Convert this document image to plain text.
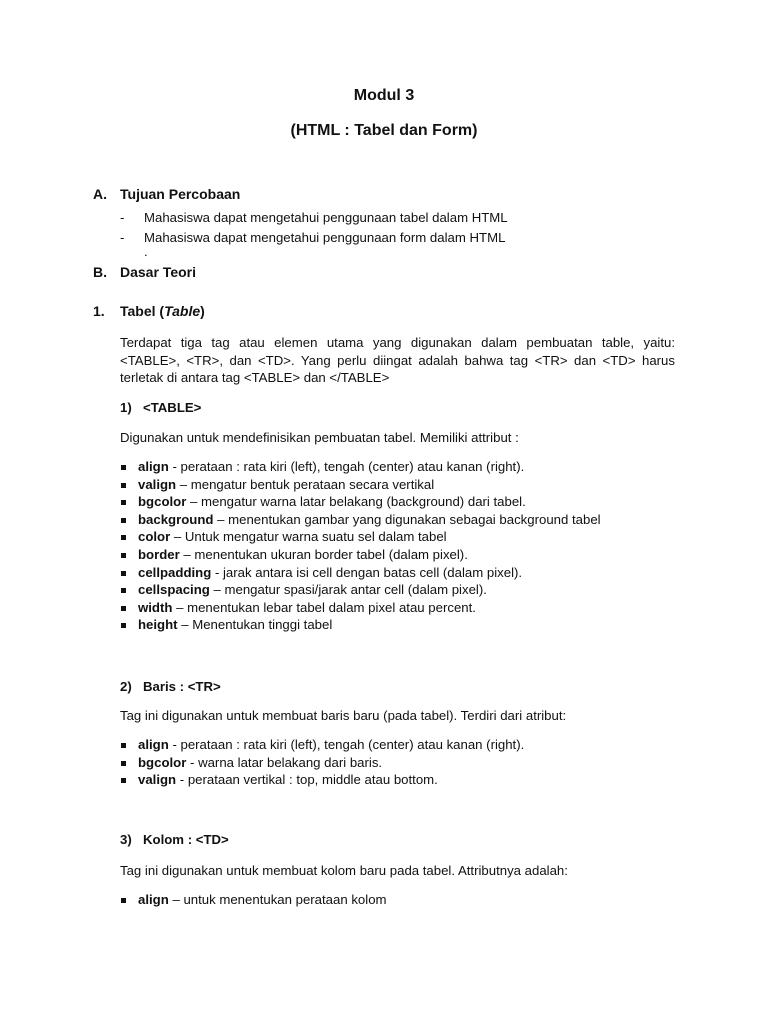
Modul 3
(HTML : Tabel dan Form)
A. Tujuan Percobaan
- Mahasiswa dapat mengetahui penggunaan tabel dalam HTML
- Mahasiswa dapat mengetahui penggunaan form dalam HTML
.
B. Dasar Teori
1. Tabel (Table)

Terdapat tiga tag atau elemen utama yang digunakan dalam pembuatan table, yaitu: <TABLE>, <TR>, dan <TD>. Yang perlu diingat adalah bahwa tag <TR> dan <TD> harus terletak di antara tag <TABLE> dan </TABLE>

1) <TABLE>
Digunakan untuk mendefinisikan pembuatan tabel. Memiliki attribut :
align - perataan : rata kiri (left), tengah (center) atau kanan (right).
valign – mengatur bentuk perataan secara vertikal
bgcolor – mengatur warna latar belakang (background) dari tabel.
background – menentukan gambar yang digunakan sebagai background tabel
color – Untuk mengatur warna suatu sel dalam tabel
border – menentukan ukuran border tabel (dalam pixel).
cellpadding - jarak antara isi cell dengan batas cell (dalam pixel).
cellspacing – mengatur spasi/jarak antar cell (dalam pixel).
width – menentukan lebar tabel dalam pixel atau percent.
height – Menentukan tinggi tabel
2) Baris : <TR>
Tag ini digunakan untuk membuat baris baru (pada tabel). Terdiri dari atribut:
align - perataan : rata kiri (left), tengah (center) atau kanan (right).
bgcolor - warna latar belakang dari baris.
valign - perataan vertikal : top, middle atau bottom.
3) Kolom : <TD>
Tag ini digunakan untuk membuat kolom baru pada tabel. Attributnya adalah:
align – untuk menentukan perataan kolom
